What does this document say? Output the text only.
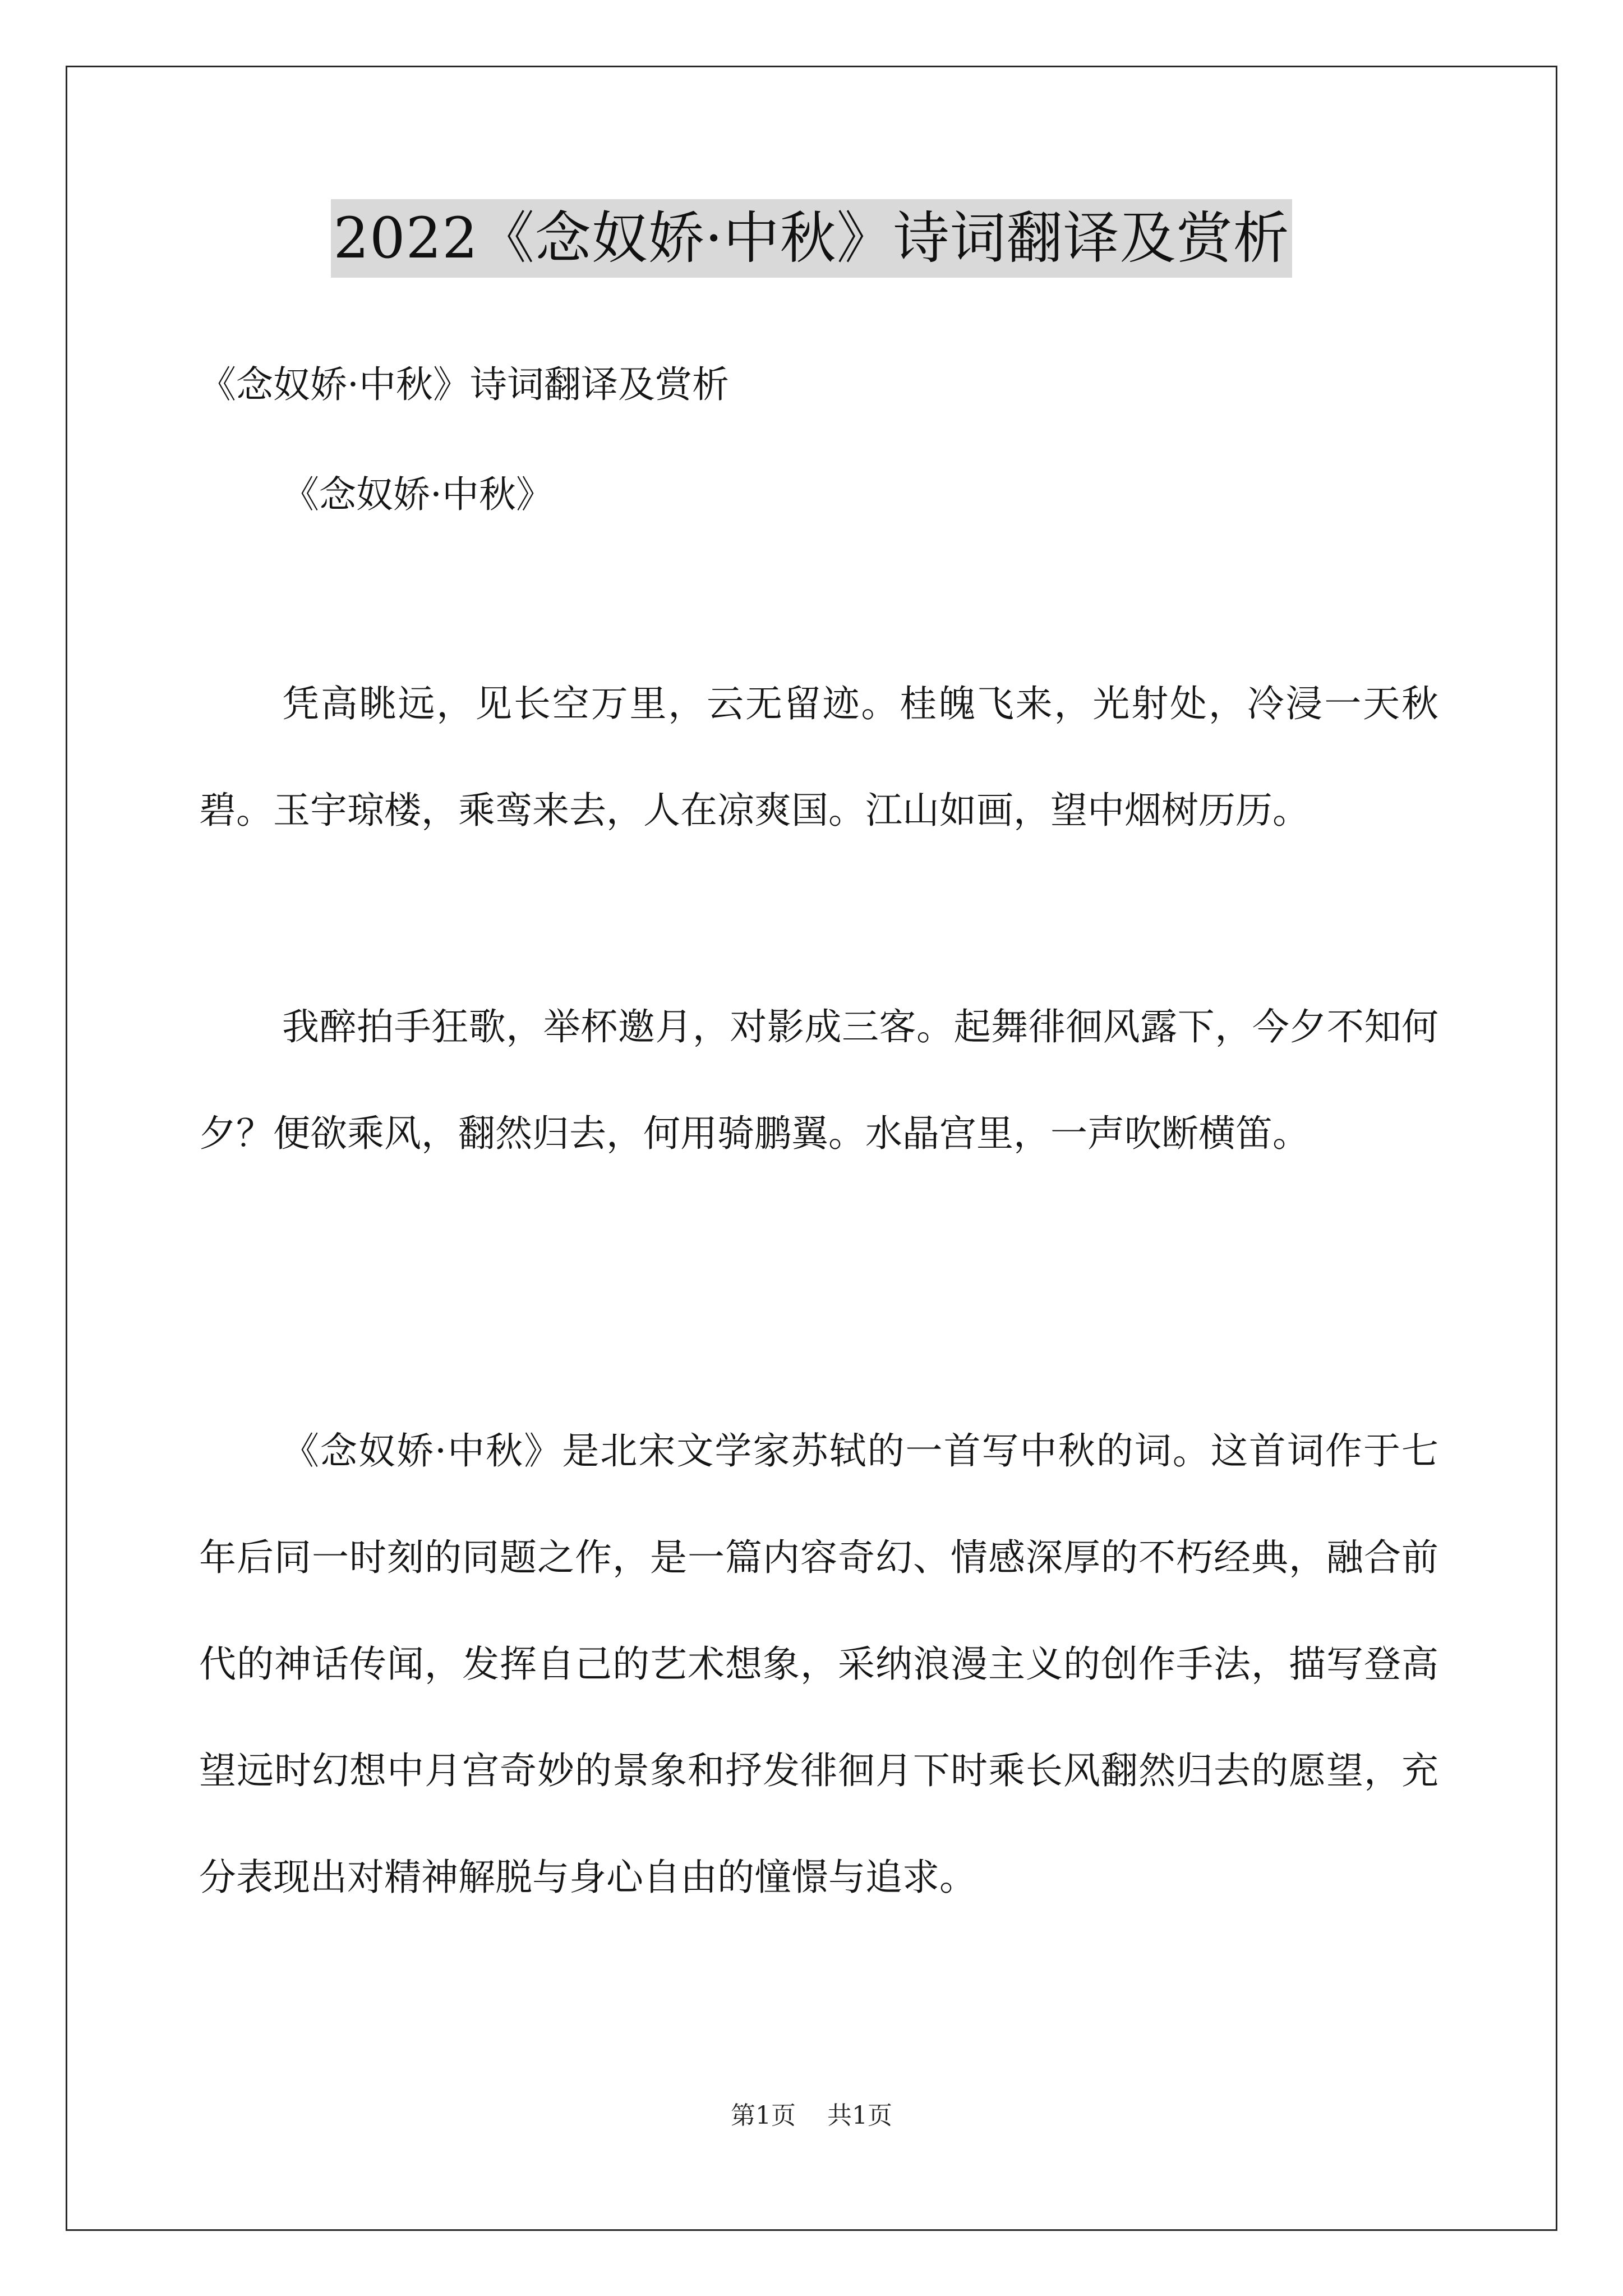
2022《念奴娇·中秋》诗词翻译及赏析
《念奴娇·中秋》诗词翻译及赏析
《念奴娇·中秋》
凭高眺远，见长空万里，云无留迹。桂魄飞来，光射处，冷浸一天秋碧。玉宇琼楼，乘鸾来去，人在凉爽国。江山如画，望中烟树历历。
我醉拍手狂歌，举杯邀月，对影成三客。起舞徘徊风露下，今夕不知何夕？便欲乘风，翻然归去，何用骑鹏翼。水晶宫里，一声吹断横笛。
《念奴娇·中秋》是北宋文学家苏轼的一首写中秋的词。这首词作于七年后同一时刻的同题之作，是一篇内容奇幻、情感深厚的不朽经典，融合前代的神话传闻，发挥自己的艺术想象，采纳浪漫主义的创作手法，描写登高望远时幻想中月宫奇妙的景象和抒发徘徊月下时乘长风翻然归去的愿望，充分表现出对精神解脱与身心自由的憧憬与追求。
第1页 共1页
